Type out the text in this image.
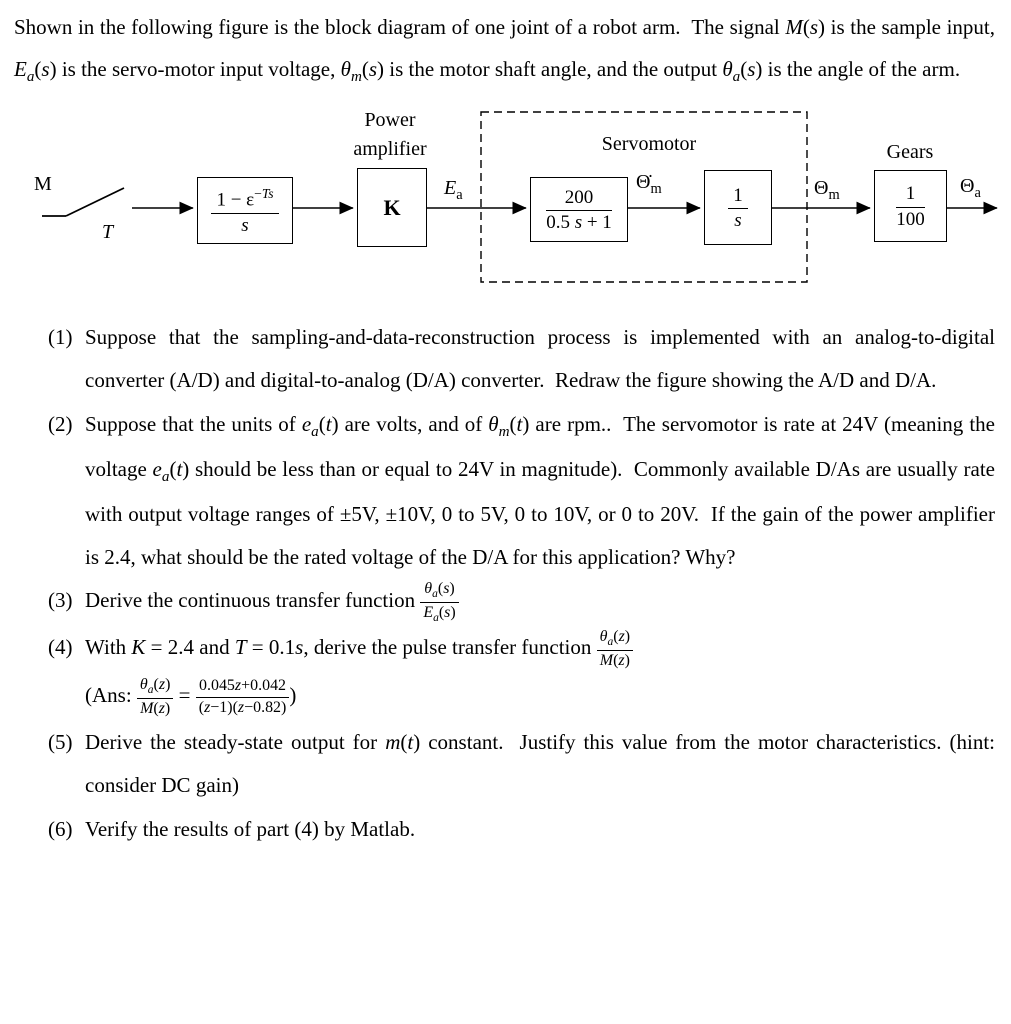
Shown in the following figure is the block diagram of one joint of a robot arm.  The signal M(s) is the sample input, $E_a(s)$ is the servo-motor input voltage, $\theta_m(s)$ is the motor shaft angle, and the output $\theta_a(s)$ is the angle of the arm.

Power
amplifier	Servomotor	Gears
M
T
$E_a$
$\Thetȧ_m$	$\Theta_m$	$\Theta_a$
$\frac{1 - \varepsilon^{-Ts}}{s}$	K	$\frac{200}{0.5 s + 1}$	$\frac{1}{s}$	$\frac{1}{100}$
(1) Suppose that the sampling-and-data-reconstruction process is implemented with an analog-to-digital converter (A/D) and digital-to-analog (D/A) converter.  Redraw the figure showing the A/D and D/A.
(2) Suppose that the units of $e_a(t)$ are volts, and of $\theta_m(t)$ are rpm..  The servomotor is rate at 24V (meaning the voltage $e_a(t)$ should be less than or equal to 24V in magnitude).  Commonly available D/As are usually rate with output voltage ranges of ±5V, ±10V, 0 to 5V, 0 to 10V, or 0 to 20V.  If the gain of the power amplifier is 2.4, what should be the rated voltage of the D/A for this application? Why?
(3) Derive the continuous transfer function $\frac{\theta_a(s)}{E_a(s)}$
(4) With K = 2.4 and T = 0.1s, derive the pulse transfer function $\frac{\theta_a(z)}{M(z)}$
(Ans: $\frac{\theta_a(z)}{M(z)} = \frac{0.045z+0.042}{(z-1)(z-0.82)}$ )
(5) Derive the steady-state output for m(t) constant.  Justify this value from the motor characteristics. (hint: consider DC gain)
(6) Verify the results of part (4) by Matlab.
